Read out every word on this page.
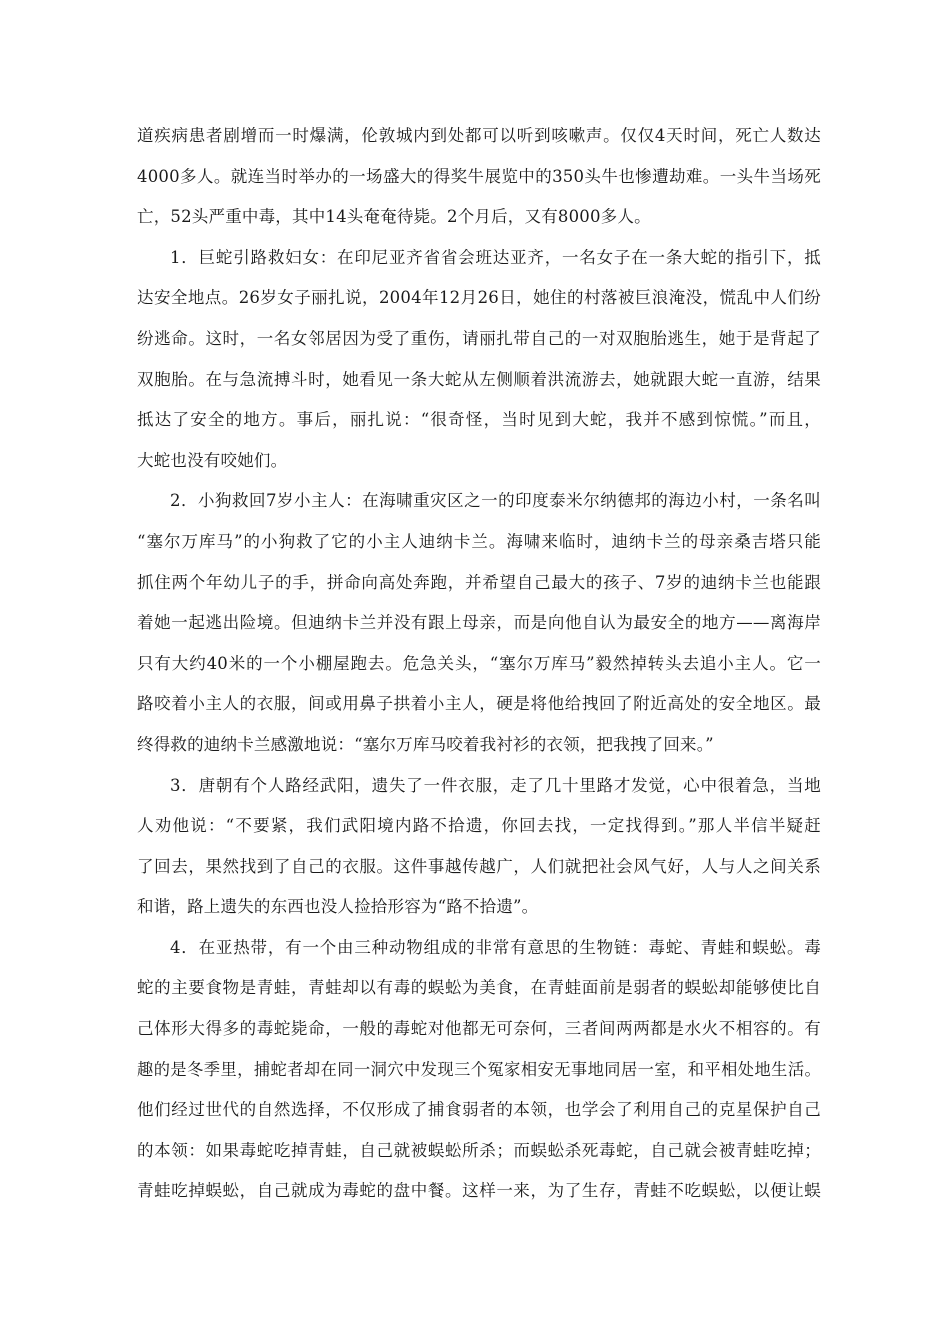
道疾病患者剧增而一时爆满，伦敦城内到处都可以听到咳嗽声。仅仅4天时间，死亡人数达
4000多人。就连当时举办的一场盛大的得奖牛展览中的350头牛也惨遭劫难。一头牛当场死
亡，52头严重中毒，其中14头奄奄待毙。2个月后，又有8000多人。
1．巨蛇引路救妇女：在印尼亚齐省省会班达亚齐，一名女子在一条大蛇的指引下，抵
达安全地点。26岁女子丽扎说，2004年12月26日，她住的村落被巨浪淹没，慌乱中人们纷
纷逃命。这时，一名女邻居因为受了重伤，请丽扎带自己的一对双胞胎逃生，她于是背起了
双胞胎。在与急流搏斗时，她看见一条大蛇从左侧顺着洪流游去，她就跟大蛇一直游，结果
抵达了安全的地方。事后，丽扎说：“很奇怪，当时见到大蛇，我并不感到惊慌。”而且，
大蛇也没有咬她们。
2．小狗救回7岁小主人：在海啸重灾区之一的印度泰米尔纳德邦的海边小村，一条名叫
“塞尔万库马”的小狗救了它的小主人迪纳卡兰。海啸来临时，迪纳卡兰的母亲桑吉塔只能
抓住两个年幼儿子的手，拼命向高处奔跑，并希望自己最大的孩子、7岁的迪纳卡兰也能跟
着她一起逃出险境。但迪纳卡兰并没有跟上母亲，而是向他自认为最安全的地方——离海岸
只有大约40米的一个小棚屋跑去。危急关头，“塞尔万库马”毅然掉转头去追小主人。它一
路咬着小主人的衣服，间或用鼻子拱着小主人，硬是将他给拽回了附近高处的安全地区。最
终得救的迪纳卡兰感激地说：“塞尔万库马咬着我衬衫的衣领，把我拽了回来。”
3．唐朝有个人路经武阳，遗失了一件衣服，走了几十里路才发觉，心中很着急，当地
人劝他说：“不要紧，我们武阳境内路不拾遗，你回去找，一定找得到。”那人半信半疑赶
了回去，果然找到了自己的衣服。这件事越传越广，人们就把社会风气好，人与人之间关系
和谐，路上遗失的东西也没人捡拾形容为“路不拾遗”。
4．在亚热带，有一个由三种动物组成的非常有意思的生物链：毒蛇、青蛙和蜈蚣。毒
蛇的主要食物是青蛙，青蛙却以有毒的蜈蚣为美食，在青蛙面前是弱者的蜈蚣却能够使比自
己体形大得多的毒蛇毙命，一般的毒蛇对他都无可奈何，三者间两两都是水火不相容的。有
趣的是冬季里，捕蛇者却在同一洞穴中发现三个冤家相安无事地同居一室，和平相处地生活。
他们经过世代的自然选择，不仅形成了捕食弱者的本领，也学会了利用自己的克星保护自己
的本领：如果毒蛇吃掉青蛙，自己就被蜈蚣所杀；而蜈蚣杀死毒蛇，自己就会被青蛙吃掉；
青蛙吃掉蜈蚣，自己就成为毒蛇的盘中餐。这样一来，为了生存，青蛙不吃蜈蚣，以便让蜈
